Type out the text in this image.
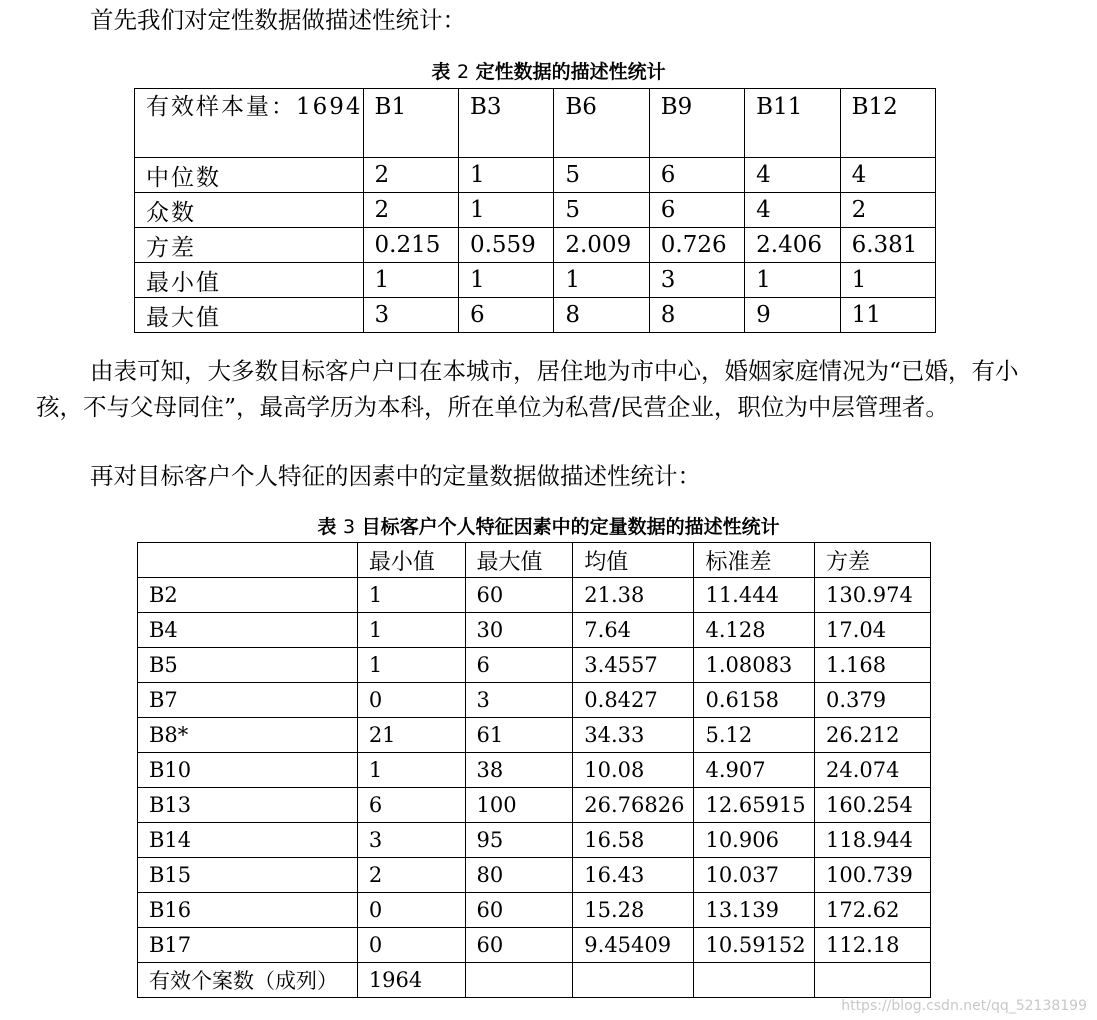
首先我们对定性数据做描述性统计：

表 2 定性数据的描述性统计
有效样本量：1694	B1	B3	B6	B9	B11	B12
中位数	2	1	5	6	4	4
众数	2	1	5	6	4	2
方差	0.215	0.559	2.009	0.726	2.406	6.381
最小值	1	1	1	3	1	1
最大值	3	6	8	8	9	11

由表可知，大多数目标客户户口在本城市，居住地为市中心，婚姻家庭情况为“已婚，有小孩，不与父母同住”，最高学历为本科，所在单位为私营/民营企业，职位为中层管理者。

再对目标客户个人特征的因素中的定量数据做描述性统计：

表 3 目标客户个人特征因素中的定量数据的描述性统计
	最小值	最大值	均值	标准差	方差
B2	1	60	21.38	11.444	130.974
B4	1	30	7.64	4.128	17.04
B5	1	6	3.4557	1.08083	1.168
B7	0	3	0.8427	0.6158	0.379
B8*	21	61	34.33	5.12	26.212
B10	1	38	10.08	4.907	24.074
B13	6	100	26.76826	12.65915	160.254
B14	3	95	16.58	10.906	118.944
B15	2	80	16.43	10.037	100.739
B16	0	60	15.28	13.139	172.62
B17	0	60	9.45409	10.59152	112.18
有效个案数（成列）	1964				
https://blog.csdn.net/qq_52138199
